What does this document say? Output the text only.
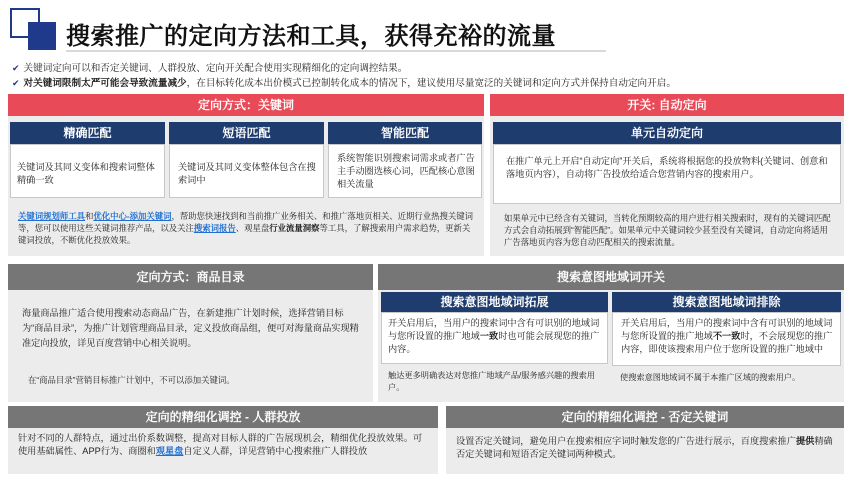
搜索推广的定向方法和工具，获得充裕的流量
✔ 关键词定向可以和否定关键词、人群投放、定向开关配合使用实现精细化的定向调控结果。
✔ 对关键词限制太严可能会导致流量减少，在目标转化成本出价模式已控制转化成本的情况下，建议使用尽量宽泛的关键词和定向方式并保持自动定向开启。
定向方式：关键词
精确匹配
关键词及其同义变体和搜索词整体精确一致
短语匹配
关键词及其同义变体整体包含在搜索词中
智能匹配
系统智能识别搜索词需求或者广告主手动圈选核心词，匹配核心意图相关流量
关键词规划师工具和优化中心-添加关键词，帮助您快速找到和当前推广业务相关、和推广落地页相关、近期行业热搜关键词等，您可以使用这些关键词推荐产品，以及关注搜索词报告、观星盘行业流量洞察等工具，了解搜索用户需求趋势，更新关键词投放，不断优化投放效果。
开关: 自动定向
单元自动定向
在推广单元上开启“自动定向”开关后，系统将根据您的投放物料(关键词、创意和落地页内容），自动将广告投放给适合您营销内容的搜索用户。
如果单元中已经含有关键词，当转化预期较高的用户进行相关搜索时，现有的关键词匹配方式会自动拓展到“智能匹配”。如果单元中关键词较少甚至没有关键词，自动定向将适用广告落地页内容为您自动匹配相关的搜索流量。
定向方式：商品目录
海量商品推广适合使用搜索动态商品广告，在新建推广计划时候，选择营销目标为“商品目录”，为推广计划管理商品目录，定义投放商品组，便可对海量商品实现精准定向投放，详见百度营销中心相关说明。
在“商品目录”营销目标推广计划中，不可以添加关键词。
搜索意图地域词开关
搜索意图地域词拓展
开关启用后，当用户的搜索词中含有可识别的地域词与您所设置的推广地域一致时也可能会展现您的推广内容。
触达更多明确表达对您推广地域产品/服务感兴趣的搜索用户。
搜索意图地域词排除
开关启用后，当用户的搜索词中含有可识别的地域词与您所设置的推广地域不一致时，不会展现您的推广内容，即使该搜索用户位于您所设置的推广地域中
使搜索意图地域词不属于本推广区域的搜索用户。
定向的精细化调控 - 人群投放
针对不同的人群特点，通过出价系数调整，提高对目标人群的广告展现机会，精细优化投放效果。可使用基础属性、APP行为、商圈和观星盘自定义人群，详见营销中心搜索推广人群投放
定向的精细化调控 - 否定关键词
设置否定关键词，避免用户在搜索相应字词时触发您的广告进行展示，百度搜索推广提供精确否定关键词和短语否定关键词两种模式。
